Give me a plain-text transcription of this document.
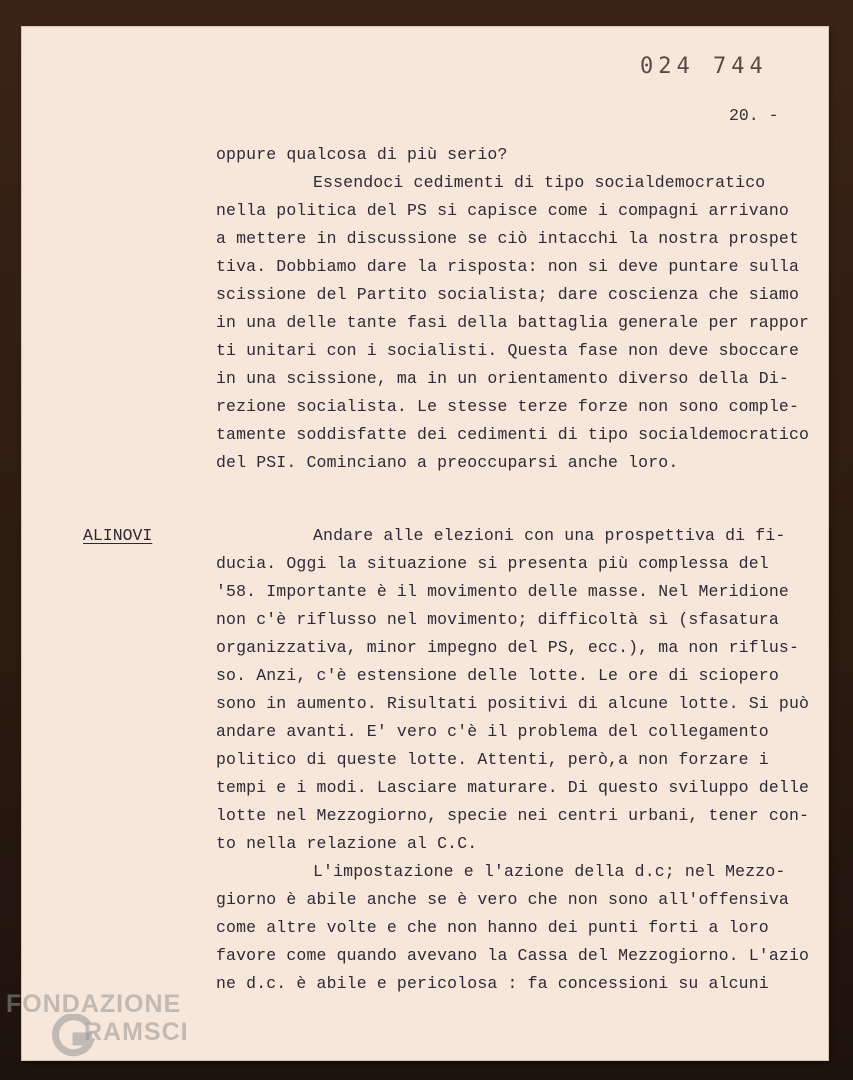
024 744
20. -
ALINOVI
oppure qualcosa di più serio?
Essendoci cedimenti di tipo socialdemocratico
nella politica del PS si capisce come i compagni arrivano
a mettere in discussione se ciò intacchi la nostra prospet
tiva. Dobbiamo dare la risposta: non si deve puntare sulla
scissione del Partito socialista; dare coscienza che siamo
in una delle tante fasi della battaglia generale per rappor
ti unitari con i socialisti. Questa fase non deve sboccare
in una scissione, ma in un orientamento diverso della Di-
rezione socialista. Le stesse terze forze non sono comple-
tamente soddisfatte dei cedimenti di tipo socialdemocratico
del PSI. Cominciano a preoccuparsi anche loro.
Andare alle elezioni con una prospettiva di fi-
ducia. Oggi la situazione si presenta più complessa del
'58. Importante è il movimento delle masse. Nel Meridione
non c'è riflusso nel movimento; difficoltà sì (sfasatura
organizzativa, minor impegno del PS, ecc.), ma non riflus-
so. Anzi, c'è estensione delle lotte. Le ore di sciopero
sono in aumento. Risultati positivi di alcune lotte. Si può
andare avanti. E' vero c'è il problema del collegamento
politico di queste lotte. Attenti, però,a non forzare i
tempi e i modi. Lasciare maturare. Di questo sviluppo delle
lotte nel Mezzogiorno, specie nei centri urbani, tener con-
to nella relazione al C.C.
L'impostazione e l'azione della d.c; nel Mezzo-
giorno è abile anche se è vero che non sono all'offensiva
come altre volte e che non hanno dei punti forti a loro
favore come quando avevano la Cassa del Mezzogiorno. L'azio
ne d.c. è abile e pericolosa : fa concessioni su alcuni
FONDAZIONE
RAMSCI
